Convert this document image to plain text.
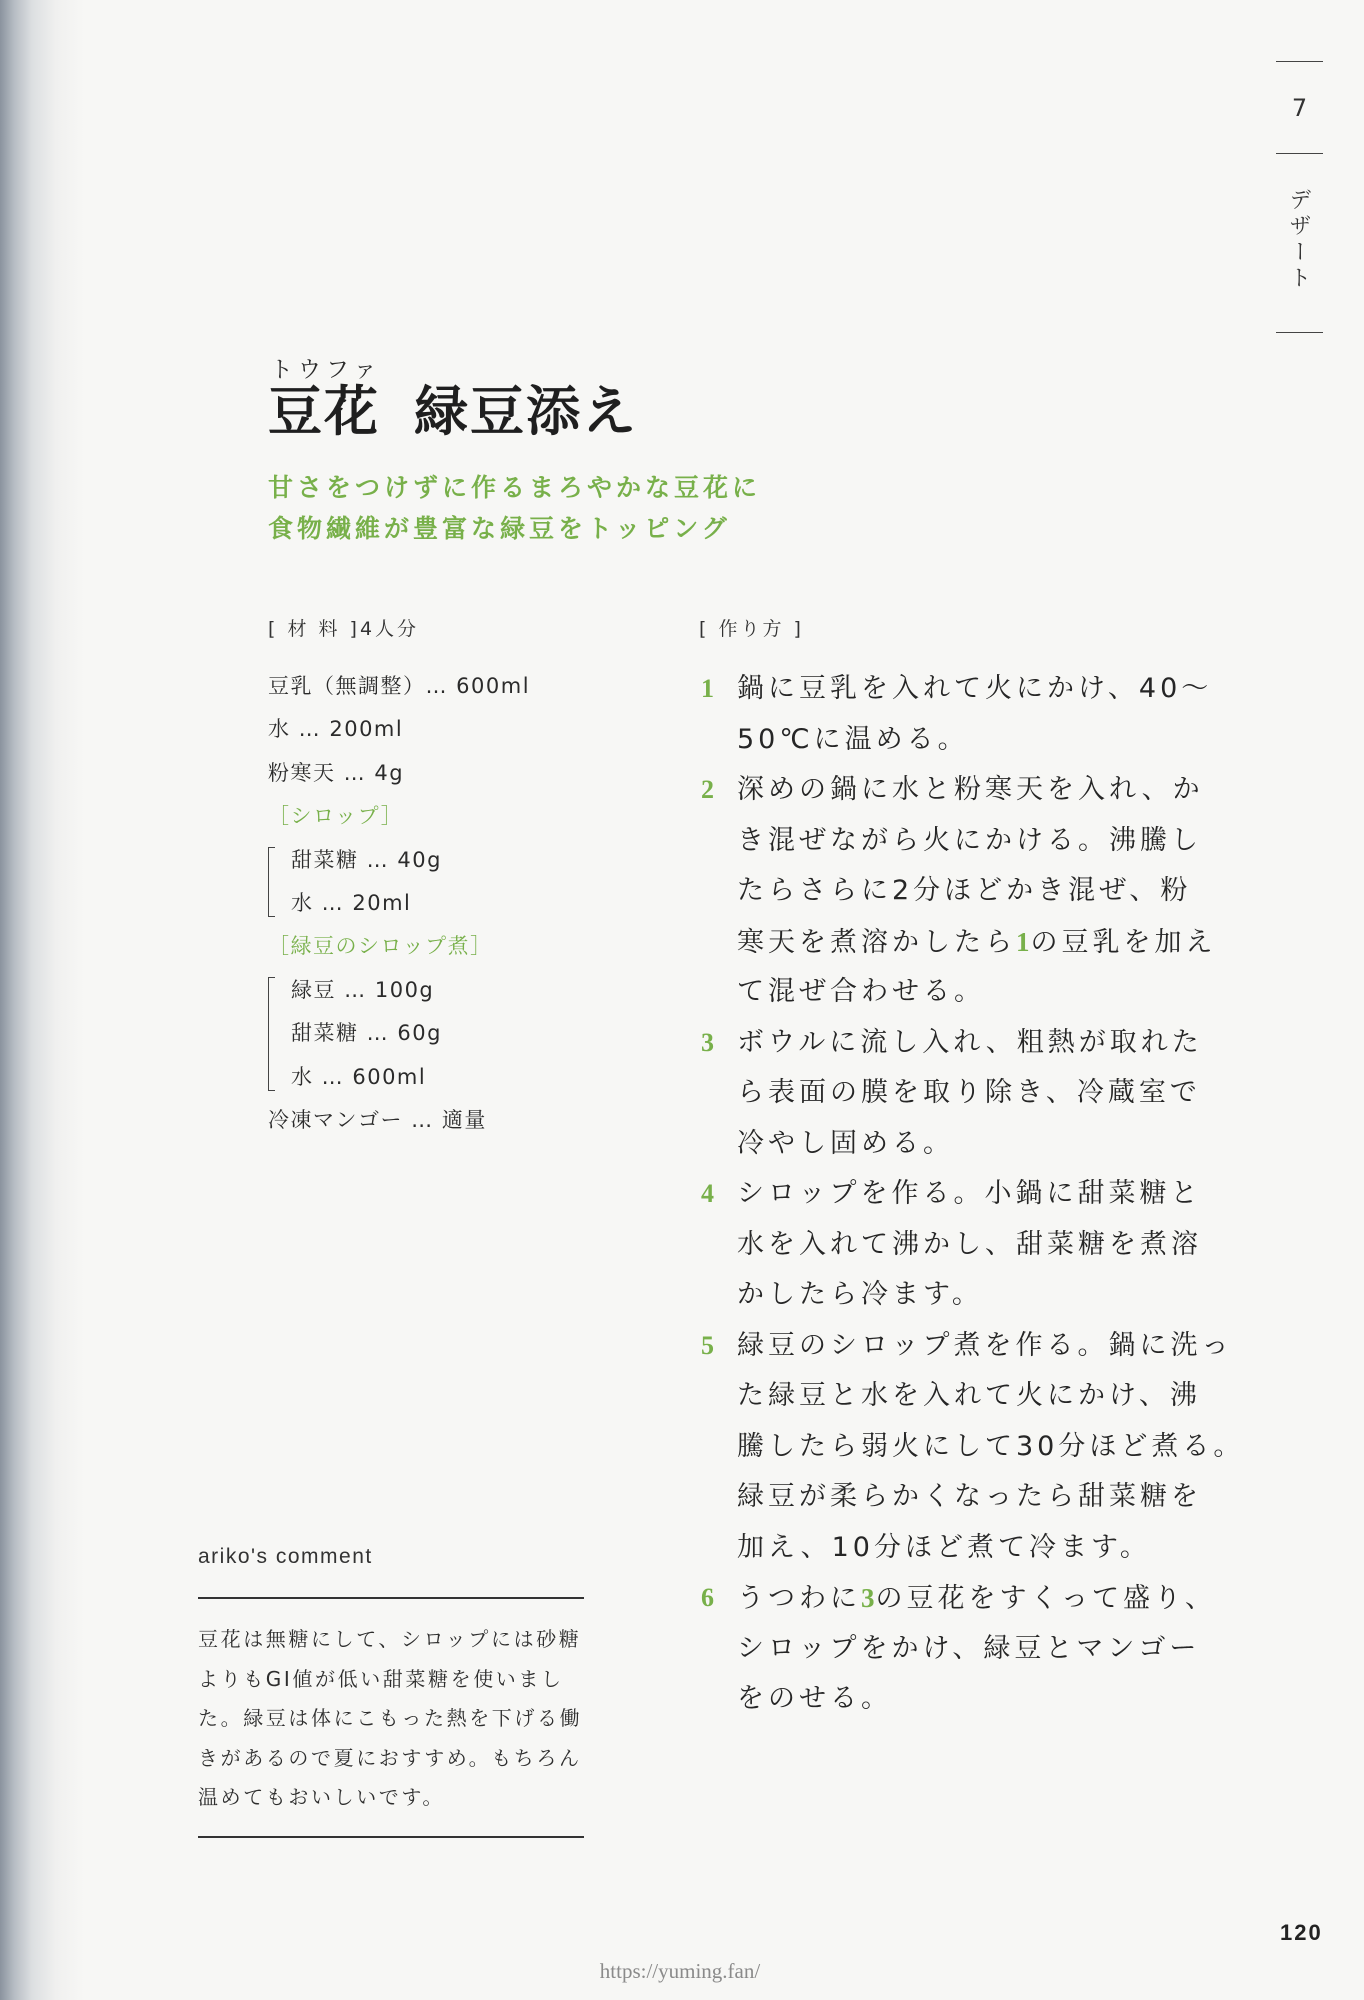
7
デザート
トウファ
豆花 緑豆添え
甘さをつけずに作るまろやかな豆花に
食物繊維が豊富な緑豆をトッピング
[ 材 料 ]4人分
豆乳（無調整）… 600ml
水 … 200ml
粉寒天 … 4g
［シロップ］
甜菜糖 … 40g
水 … 20ml
［緑豆のシロップ煮］
緑豆 … 100g
甜菜糖 … 60g
水 … 600ml
冷凍マンゴー … 適量
[ 作り方 ]
1 鍋に豆乳を入れて火にかけ、40～
50℃に温める。
2 深めの鍋に水と粉寒天を入れ、か
き混ぜながら火にかける。沸騰し
たらさらに2分ほどかき混ぜ、粉
寒天を煮溶かしたら1の豆乳を加え
て混ぜ合わせる。
3 ボウルに流し入れ、粗熱が取れた
ら表面の膜を取り除き、冷蔵室で
冷やし固める。
4 シロップを作る。小鍋に甜菜糖と
水を入れて沸かし、甜菜糖を煮溶
かしたら冷ます。
5 緑豆のシロップ煮を作る。鍋に洗っ
た緑豆と水を入れて火にかけ、沸
騰したら弱火にして30分ほど煮る。
緑豆が柔らかくなったら甜菜糖を
加え、10分ほど煮て冷ます。
6 うつわに3の豆花をすくって盛り、
シロップをかけ、緑豆とマンゴー
をのせる。
ariko's comment
豆花は無糖にして、シロップには砂糖
よりもGI値が低い甜菜糖を使いまし
た。緑豆は体にこもった熱を下げる働
きがあるので夏におすすめ。もちろん
温めてもおいしいです。
120
https://yuming.fan/
